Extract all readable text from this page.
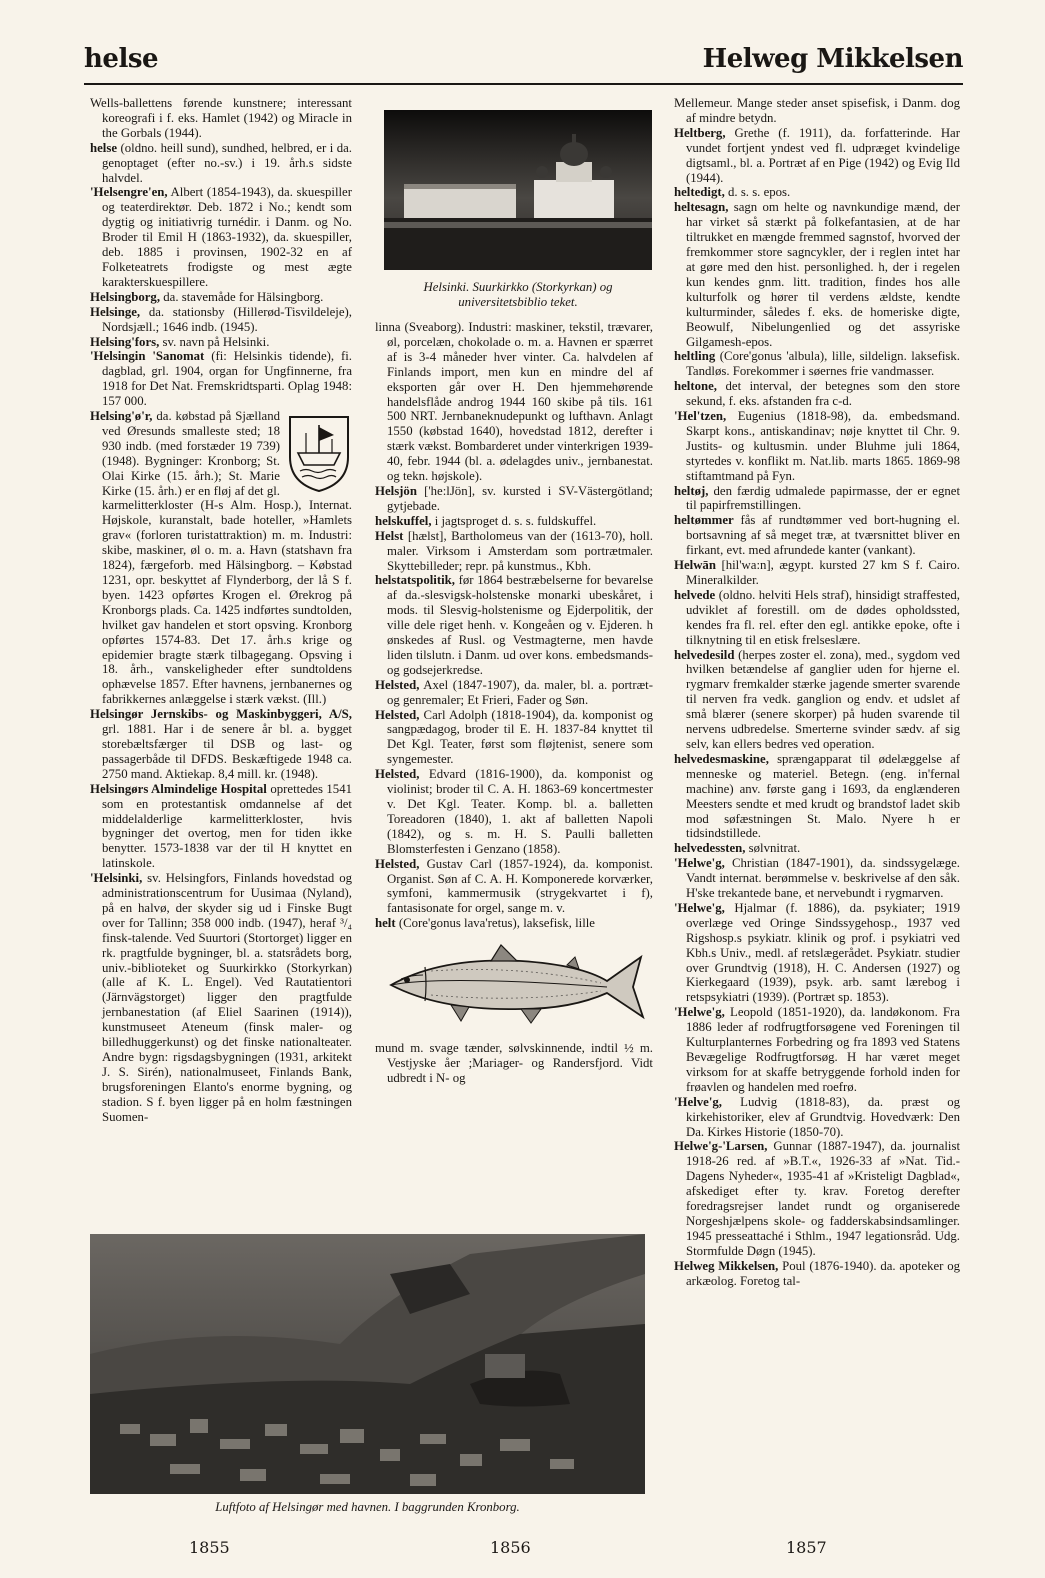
helse	Helweg Mikkelsen

Wells-ballettens førende kunstnere; interessant koreografi i f. eks. Hamlet (1942) og Miracle in the Gorbals (1944).

helse (oldno. heill sund), sundhed, helbred, er i da. genoptaget (efter no.-sv.) i 19. årh.s sidste halvdel.

'Helsengre'en, Albert (1854-1943), da. skuespiller og teaterdirektør. Deb. 1872 i No.; kendt som dygtig og initiativrig turnédir. i Danm. og No. Broder til Emil H (1863-1932), da. skuespiller, deb. 1885 i provinsen, 1902-32 en af Folketeatrets frodigste og mest ægte karakterskuespillere.

Helsingborg, da. stavemåde for Hälsingborg.

Helsinge, da. stationsby (Hillerød-Tisvildeleje), Nordsjæll.; 1646 indb. (1945).

Helsing'fors, sv. navn på Helsinki.

'Helsingin 'Sanomat (fi: Helsinkis tidende), fi. dagblad, grl. 1904, organ for Ungfinnerne, fra 1918 for Det Nat. Fremskridtsparti. Oplag 1948: 157 000.

Helsing'ø'r, da. købstad på Sjælland ved Øresunds smalleste sted; 18 930 indb. (med forstæder 19 739) (1948). Bygninger: Kronborg; St. Olai Kirke (15. årh.); St. Marie Kirke (15. årh.) er en fløj af det gl. karmelitterkloster (H-s Alm. Hosp.), Internat. Højskole, kuranstalt, bade hoteller, »Hamlets grav« (forloren turistattraktion) m. m. Industri: skibe, maskiner, øl o. m. a. Havn (statshavn fra 1824), færgeforb. med Hälsingborg. – Købstad 1231, opr. beskyttet af Flynderborg, der lå S f. byen. 1423 opførtes Krogen el. Ørekrog på Kronborgs plads. Ca. 1425 indførtes sundtolden, hvilket gav handelen et stort opsving. Kronborg opførtes 1574-83. Det 17. årh.s krige og epidemier bragte stærk tilbagegang. Opsving i 18. årh., vanskeligheder efter sundtoldens ophævelse 1857. Efter havnens, jernbanernes og fabrikkernes anlæggelse i stærk vækst. (Ill.)

Helsingør Jernskibs- og Maskinbyggeri, A/S, grl. 1881. Har i de senere år bl. a. bygget storebæltsfærger til DSB og last- og passagerbåde til DFDS. Beskæftigede 1948 ca. 2750 mand. Aktiekap. 8,4 mill. kr. (1948).

Helsingørs Almindelige Hospital oprettedes 1541 som en protestantisk omdannelse af det middelalderlige karmelitterkloster, hvis bygninger det overtog, men for tiden ikke benytter. 1573-1838 var der til H knyttet en latinskole.

'Helsinki, sv. Helsingfors, Finlands hovedstad og administrationscentrum for Uusimaa (Nyland), på en halvø, der skyder sig ud i Finske Bugt over for Tallinn; 358 000 indb. (1947), heraf ³/₄ finsk-talende. Ved Suurtori (Stortorget) ligger en rk. pragtfulde bygninger, bl. a. statsrådets borg, univ.-biblioteket og Suurkirkko (Storkyrkan) (alle af K. L. Engel). Ved Rautatientori (Järnvägstorget) ligger den pragtfulde jernbanestation (af Eliel Saarinen (1914)), kunstmuseet Ateneum (finsk maler- og billedhuggerkunst) og det finske nationalteater. Andre bygn: rigsdagsbygningen (1931, arkitekt J. S. Sirén), nationalmuseet, Finlands Bank, brugsforeningen Elanto's enorme bygning, og stadion. S f. byen ligger på en holm fæstningen Suomen-

Helsinki. Suurkirkko (Storkyrkan) og universitetsbiblio teket.

linna (Sveaborg). Industri: maskiner, tekstil, trævarer, øl, porcelæn, chokolade o. m. a. Havnen er spærret af is 3-4 måneder hver vinter. Ca. halvdelen af Finlands import, men kun en mindre del af eksporten går over H. Den hjemmehørende handelsflåde androg 1944 160 skibe på tils. 161 500 NRT. Jernbaneknudepunkt og lufthavn. Anlagt 1550 (købstad 1640), hovedstad 1812, derefter i stærk vækst. Bombarderet under vinterkrigen 1939-40, febr. 1944 (bl. a. ødelagdes univ., jernbanestat. og tekn. højskole).

Helsjön ['he:lJön], sv. kursted i SV-Västergötland; gytjebade.

helskuffel, i jagtsproget d. s. s. fuldskuffel.

Helst [hælst], Bartholomeus van der (1613-70), holl. maler. Virksom i Amsterdam som portrætmaler. Skyttebilleder; repr. på kunstmus., Kbh.

helstatspolitik, før 1864 bestræbelserne for bevarelse af da.-slesvigsk-holstenske monarki ubeskåret, i mods. til Slesvig-holstenisme og Ejderpolitik, der ville dele riget henh. v. Kongeåen og v. Ejderen. h ønskedes af Rusl. og Vestmagterne, men havde liden tilslutn. i Danm. ud over kons. embedsmands- og godsejerkredse.

Helsted, Axel (1847-1907), da. maler, bl. a. portræt- og genremaler; Et Frieri, Fader og Søn.

Helsted, Carl Adolph (1818-1904), da. komponist og sangpædagog, broder til E. H. 1837-84 knyttet til Det Kgl. Teater, først som fløjtenist, senere som syngemester.

Helsted, Edvard (1816-1900), da. komponist og violinist; broder til C. A. H. 1863-69 koncertmester v. Det Kgl. Teater. Komp. bl. a. balletten Toreadoren (1840), 1. akt af balletten Napoli (1842), og s. m. H. S. Paulli balletten Blomsterfesten i Genzano (1858).

Helsted, Gustav Carl (1857-1924), da. komponist. Organist. Søn af C. A. H. Komponerede korværker, symfoni, kammermusik (strygekvartet i f), fantasisonate for orgel, sange m. v.

helt (Core'gonus lava'retus), laksefisk, lille

mund m. svage tænder, sølvskinnende, indtil ½ m. Vestjyske åer ;Mariager- og Randersfjord. Vidt udbredt i N- og

Luftfoto af Helsingør med havnen. I baggrunden Kronborg.

Mellemeur. Mange steder anset spisefisk, i Danm. dog af mindre betydn.

Heltberg, Grethe (f. 1911), da. forfatterinde. Har vundet fortjent yndest ved fl. udpræget kvindelige digtsaml., bl. a. Portræt af en Pige (1942) og Evig Ild (1944).

heltedigt, d. s. s. epos.

heltesagn, sagn om helte og navnkundige mænd, der har virket så stærkt på folkefantasien, at de har tiltrukket en mængde fremmed sagnstof, hvorved der fremkommer store sagncykler, der i reglen intet har at gøre med den hist. personlighed. h, der i regelen kun kendes gnm. litt. tradition, findes hos alle kulturfolk og hører til verdens ældste, kendte kulturminder, således f. eks. de homeriske digte, Beowulf, Nibelungenlied og det assyriske Gilgamesh-epos.

heltling (Core'gonus 'albula), lille, sildelign. laksefisk. Tandløs. Forekommer i søernes frie vandmasser.

heltone, det interval, der betegnes som den store sekund, f. eks. afstanden fra c-d.

'Hel'tzen, Eugenius (1818-98), da. embedsmand. Skarpt kons., antiskandinav; nøje knyttet til Chr. 9. Justits- og kultusmin. under Bluhme juli 1864, styrtedes v. konflikt m. Nat.lib. marts 1865. 1869-98 stiftamtmand på Fyn.

heltøj, den færdig udmalede papirmasse, der er egnet til papirfremstillingen.

heltømmer fås af rundtømmer ved bort-hugning el. bortsavning af så meget træ, at tværsnittet bliver en firkant, evt. med afrundede kanter (vankant).

Helwān [hil'wa:n], ægypt. kursted 27 km S f. Cairo. Mineralkilder.

helvede (oldno. helviti Hels straf), hinsidigt straffested, udviklet af forestill. om de dødes opholdssted, kendes fra fl. rel. efter den egl. antikke epoke, ofte i tilknytning til en etisk frelseslære.

helvedesild (herpes zoster el. zona), med., sygdom ved hvilken betændelse af ganglier uden for hjerne el. rygmarv fremkalder stærke jagende smerter svarende til nerven fra vedk. ganglion og endv. et udslet af små blærer (senere skorper) på huden svarende til nervens udbredelse. Smerterne svinder sædv. af sig selv, kan ellers bedres ved operation.

helvedesmaskine, sprængapparat til ødelæggelse af menneske og materiel. Betegn. (eng. in'fernal machine) anv. første gang i 1693, da englænderen Meesters sendte et med krudt og brandstof ladet skib mod søfæstningen St. Malo. Nyere h er tidsindstillede.

helvedessten, sølvnitrat.

'Helwe'g, Christian (1847-1901), da. sindssygelæge. Vandt internat. berømmelse v. beskrivelse af den såk. H'ske trekantede bane, et nervebundt i rygmarven.

'Helwe'g, Hjalmar (f. 1886), da. psykiater; 1919 overlæge ved Oringe Sindssygehosp., 1937 ved Rigshosp.s psykiatr. klinik og prof. i psykiatri ved Kbh.s Univ., medl. af retslægerådet. Psykiatr. studier over Grundtvig (1918), H. C. Andersen (1927) og Kierkegaard (1939), psyk. arb. samt lærebog i retspsykiatri (1939). (Portræt sp. 1853).

'Helwe'g, Leopold (1851-1920), da. landøkonom. Fra 1886 leder af rodfrugtforsøgene ved Foreningen til Kulturplanternes Forbedring og fra 1893 ved Statens Bevægelige Rodfrugtforsøg. H har været meget virksom for at skaffe betryggende forhold inden for frøavlen og handelen med roefrø.

'Helve'g, Ludvig (1818-83), da. præst og kirkehistoriker, elev af Grundtvig. Hovedværk: Den Da. Kirkes Historie (1850-70).

Helwe'g-'Larsen, Gunnar (1887-1947), da. journalist 1918-26 red. af »B.T.«, 1926-33 af »Nat. Tid.-Dagens Nyheder«, 1935-41 af »Kristeligt Dagblad«, afskediget efter ty. krav. Foretog derefter foredragsrejser landet rundt og organiserede Norgeshjælpens skole- og fadderskabsindsamlinger. 1945 presseattaché i Sthlm., 1947 legationsråd. Udg. Stormfulde Døgn (1945).

Helweg Mikkelsen, Poul (1876-1940). da. apoteker og arkæolog. Foretog tal-

1855	1856	1857
